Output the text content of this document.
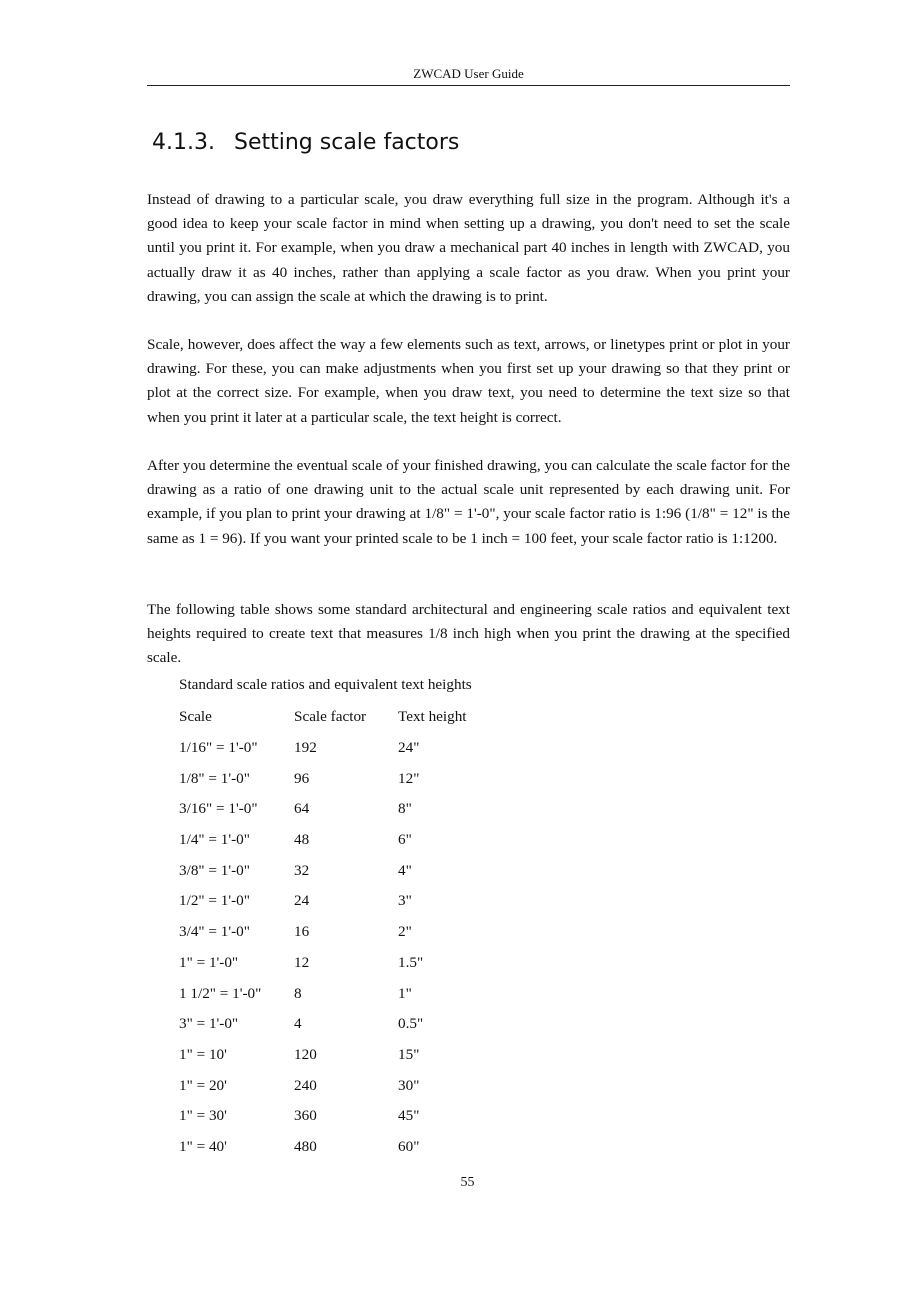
ZWCAD User Guide
4.1.3. Setting scale factors

Instead of drawing to a particular scale, you draw everything full size in the program. Although it's a good idea to keep your scale factor in mind when setting up a drawing, you don't need to set the scale until you print it. For example, when you draw a mechanical part 40 inches in length with ZWCAD, you actually draw it as 40 inches, rather than applying a scale factor as you draw. When you print your drawing, you can assign the scale at which the drawing is to print.

Scale, however, does affect the way a few elements such as text, arrows, or linetypes print or plot in your drawing. For these, you can make adjustments when you first set up your drawing so that they print or plot at the correct size. For example, when you draw text, you need to determine the text size so that when you print it later at a particular scale, the text height is correct.

After you determine the eventual scale of your finished drawing, you can calculate the scale factor for the drawing as a ratio of one drawing unit to the actual scale unit represented by each drawing unit. For example, if you plan to print your drawing at 1/8" = 1'-0", your scale factor ratio is 1:96 (1/8" = 12" is the same as 1 = 96). If you want your printed scale to be 1 inch = 100 feet, your scale factor ratio is 1:1200.

The following table shows some standard architectural and engineering scale ratios and equivalent text heights required to create text that measures 1/8 inch high when you print the drawing at the specified scale.

Standard scale ratios and equivalent text heights
Scale	Scale factor	Text height
1/16" = 1'-0"	192	24"
1/8" = 1'-0"	96	12"
3/16" = 1'-0"	64	8"
1/4" = 1'-0"	48	6"
3/8" = 1'-0"	32	4"
1/2" = 1'-0"	24	3"
3/4" = 1'-0"	16	2"
1" = 1'-0"	12	1.5"
1 1/2" = 1'-0"	8	1"
3" = 1'-0"	4	0.5"
1" = 10'	120	15"
1" = 20'	240	30"
1" = 30'	360	45"
1" = 40'	480	60"
55
